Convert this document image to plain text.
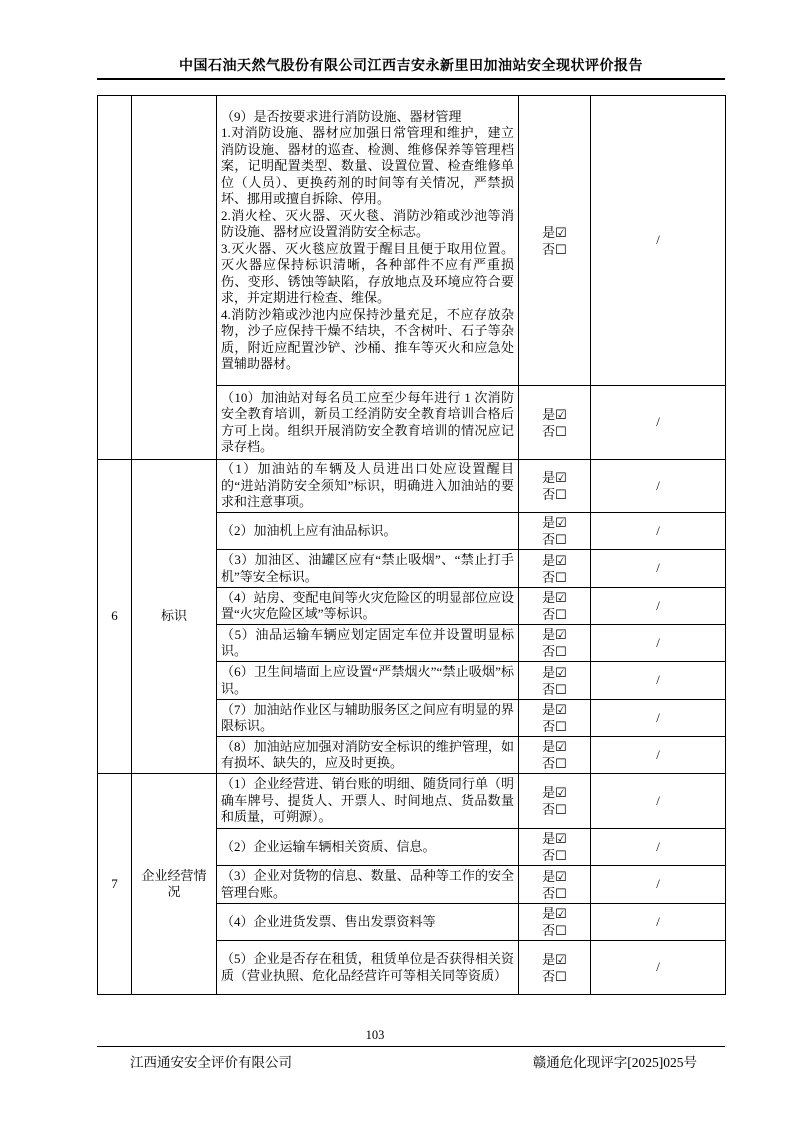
中国石油天然气股份有限公司江西吉安永新里田加油站安全现状评价报告

（9）是否按要求进行消防设施、器材管理
1.对消防设施、器材应加强日常管理和维护，建立消防设施、器材的巡查、检测、维修保养等管理档案，记明配置类型、数量、设置位置、检查维修单位（人员）、更换药剂的时间等有关情况，严禁损坏、挪用或擅自拆除、停用。
2.消火栓、灭火器、灭火毯、消防沙箱或沙池等消防设施、器材应设置消防安全标志。
3.灭火器、灭火毯应放置于醒目且便于取用位置。灭火器应保持标识清晰，各种部件不应有严重损伤、变形、锈蚀等缺陷，存放地点及环境应符合要求，并定期进行检查、维保。
4.消防沙箱或沙池内应保持沙量充足，不应存放杂物，沙子应保持干燥不结块，不含树叶、石子等杂质，附近应配置沙铲、沙桶、推车等灭火和应急处置辅助器材。

是☑
否☐
	/
		（10）加油站对每名员工应至少每年进行 1 次消防安全教育培训，新员工经消防安全教育培训合格后方可上岗。组织开展消防安全教育培训的情况应记录存档。	是☑
否☐	/
6	标识	（1）加油站的车辆及人员进出口处应设置醒目的“进站消防安全须知”标识，明确进入加油站的要求和注意事项。	是☑
否☐	/
		（2）加油机上应有油品标识。	是☑
否☐	/
		（3）加油区、油罐区应有“禁止吸烟”、“禁止打手机”等安全标识。	是☑
否☐	/
		（4）站房、变配电间等火灾危险区的明显部位应设置“火灾危险区域”等标识。	是☑
否☐	/
		（5）油品运输车辆应划定固定车位并设置明显标识。	是☑
否☐	/
		（6）卫生间墙面上应设置“严禁烟火”“禁止吸烟”标识。	是☑
否☐	/
		（7）加油站作业区与辅助服务区之间应有明显的界限标识。	是☑
否☐	/
		（8）加油站应加强对消防安全标识的维护管理，如有损坏、缺失的，应及时更换。	是☑
否☐	/
7	企业经营情况	（1）企业经营进、销台账的明细、随货同行单（明确车牌号、提货人、开票人、时间地点、货品数量和质量，可朔源）。	是☑
否☐	/
		（2）企业运输车辆相关资质、信息。	是☑
否☐	/
		（3）企业对货物的信息、数量、品种等工作的安全管理台账。	是☑
否☐	/
		（4）企业进货发票、售出发票资料等	是☑
否☐	/
		（5）企业是否存在租赁，租赁单位是否获得相关资质（营业执照、危化品经营许可等相关同等资质）	是☑
否☐	/
103
江西通安安全评价有限公司	赣通危化现评字[2025]025号
